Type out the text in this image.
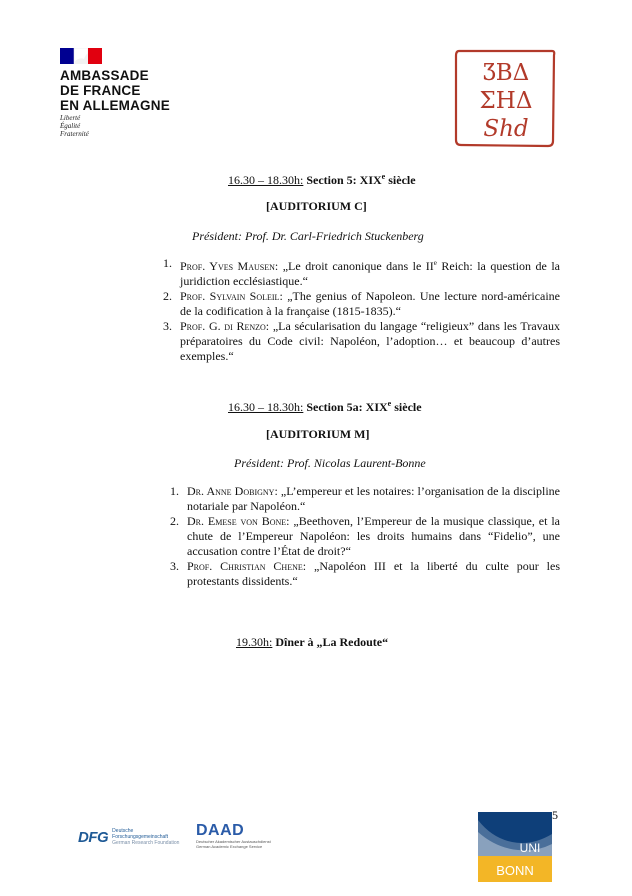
AMBASSADE
DE FRANCE
EN ALLEMAGNE
Liberté
Égalité
Fraternité
ƷBΔ
ΣHΔ
Shd
16.30 – 18.30h: Section 5: XIXe siècle
[AUDITORIUM C]
Président: Prof. Dr. Carl-Friedrich Stuckenberg
1. Prof. Yves Mausen: „Le droit canonique dans le IIe Reich: la question de la juridiction ecclésiastique.“
2. Prof. Sylvain Soleil: „The genius of Napoleon. Une lecture nord-américaine de la codification à la française (1815-1835).“
3. Prof. G. di Renzo: „La sécularisation du langage “religieux” dans les Travaux préparatoires du Code civil: Napoléon, l’adoption… et beaucoup d’autres exemples.“
16.30 – 18.30h: Section 5a: XIXe siècle
[AUDITORIUM M]
Président: Prof. Nicolas Laurent-Bonne
1. Dr. Anne Dobigny: „L’empereur et les notaires: l’organisation de la discipline notariale par Napoléon.“
2. Dr. Emese von Bone: „Beethoven, l’Empereur de la musique classique, et la chute de l’Empereur Napoléon: les droits humains dans “Fidelio”, une accusation contre l’État de droit?“
3. Prof. Christian Chene: „Napoléon III et la liberté du culte pour les protestants dissidents.“
19.30h: Dîner à „La Redoute“
5
DFG Deutsche
Forschungsgemeinschaft
German Research Foundation
DAAD
Deutscher Akademischer Austauschdienst
German Academic Exchange Service	UNI
BONN
